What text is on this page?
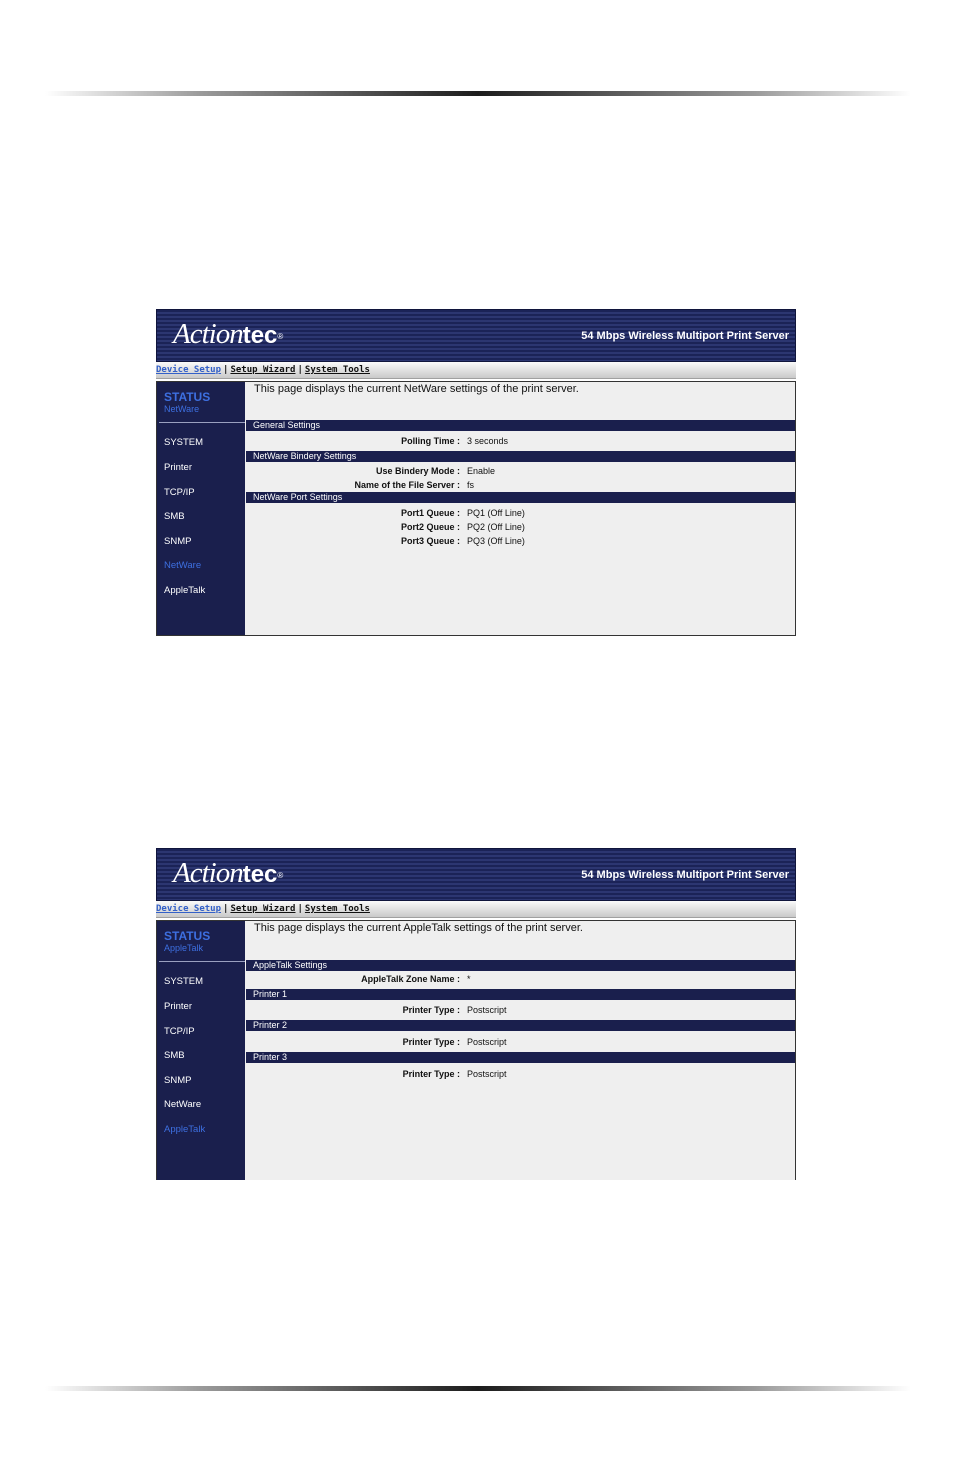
Actiontec®	54 Mbps Wireless Multiport Print Server
Device Setup | Setup Wizard | System Tools
STATUS
NetWare
SYSTEM
Printer
TCP/IP
SMB
SNMP
NetWare
AppleTalk
This page displays the current NetWare settings of the print server.
General Settings
Polling Time : 3 seconds
NetWare Bindery Settings
Use Bindery Mode : Enable
Name of the File Server : fs
NetWare Port Settings
Port1 Queue : PQ1 (Off Line)
Port2 Queue : PQ2 (Off Line)
Port3 Queue : PQ3 (Off Line)
Actiontec®	54 Mbps Wireless Multiport Print Server
Device Setup | Setup Wizard | System Tools
STATUS
AppleTalk
SYSTEM
Printer
TCP/IP
SMB
SNMP
NetWare
AppleTalk
This page displays the current AppleTalk settings of the print server.
AppleTalk Settings
AppleTalk Zone Name : *
Printer 1
Printer Type : Postscript
Printer 2
Printer Type : Postscript
Printer 3
Printer Type : Postscript
